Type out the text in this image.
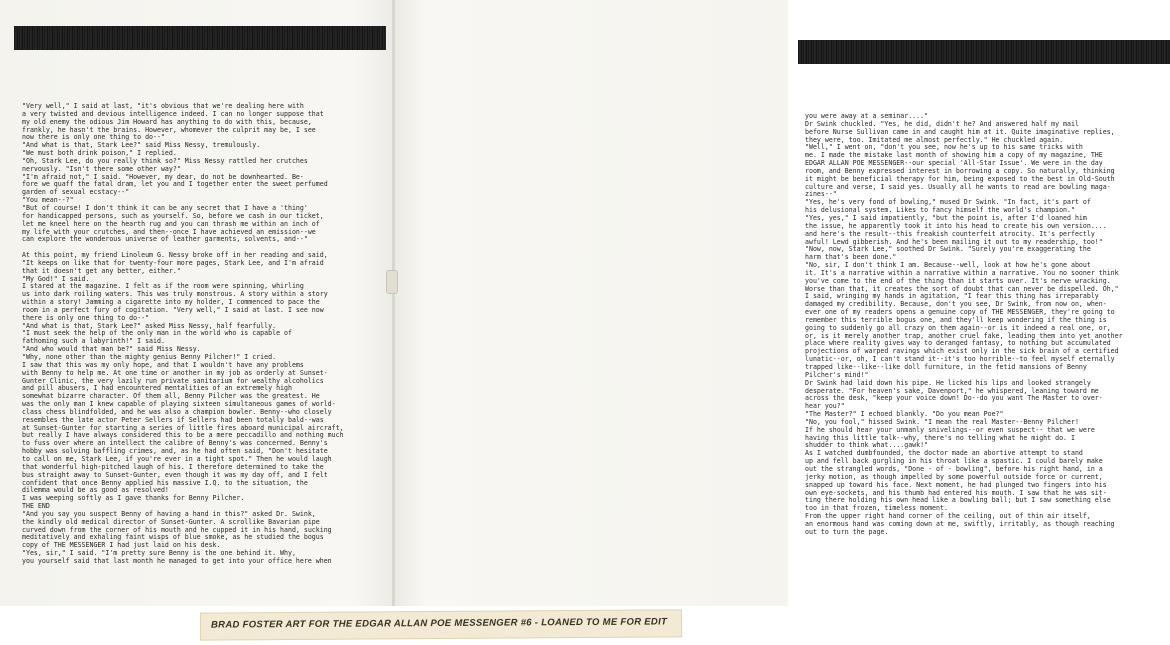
"Very well," I said at last, "it's obvious that we're dealing here with

a very twisted and devious intelligence indeed. I can no longer suppose that

my old enemy the odious Jim Howard has anything to do with this, because,

frankly, he hasn't the brains. However, whomever the culprit may be, I see

now there is only one thing to do--"

"And what is that, Stark Lee?" said Miss Nessy, tremulously.

"We must both drink poison," I replied.

"Oh, Stark Lee, do you really think so?" Miss Nessy rattled her crutches

nervously. "Isn't there some other way?"

"I'm afraid not," I said. "However, my dear, do not be downhearted. Be-

fore we quaff the fatal dram, let you and I together enter the sweet perfumed

garden of sexual ecstacy--"

"You mean--?"

"But of course! I don't think it can be any secret that I have a 'thing'

for handicapped persons, such as yourself. So, before we cash in our ticket,

let me kneel here on the hearth rug and you can thrash me within an inch of

my life with your crutches, and then--once I have achieved an emission--we

can explore the wonderous universe of leather garments, solvents, and--"

At this point, my friend Linoleum G. Nessy broke off in her reading and said,

"It keeps on like that for twenty-four more pages, Stark Lee, and I'm afraid

that it doesn't get any better, either."

"My God!" I said.

I stared at the magazine. I felt as if the room were spinning, whirling

us into dark roiling waters. This was truly monstrous. A story within a story

within a story! Jamming a cigarette into my holder, I commenced to pace the

room in a perfect fury of cogitation. "Very well," I said at last. I see now

there is only one thing to do--"

"And what is that, Stark Lee?" asked Miss Nessy, half fearfully.

"I must seek the help of the only man in the world who is capable of

fathoming such a labyrinth!" I said.

"And who would that man be?" said Miss Nessy.

"Why, none other than the mighty genius Benny Pilcher!" I cried.

I saw that this was my only hope, and that I wouldn't have any problems

with Benny to help me. At one time or another in my job as orderly at Sunset-

Gunter Clinic, the very lazily run private sanitarium for wealthy alcoholics

and pill abusers, I had encountered mentalities of an extremely high

somewhat bizarre character. Of them all, Benny Pilcher was the greatest. He

was the only man I knew capable of playing sixteen simultaneous games of world-

class chess blindfolded, and he was also a champion bowler. Benny--who closely

resembles the late actor Peter Sellers if Sellers had been totally bald--was

at Sunset-Gunter for starting a series of little fires aboard municipal aircraft,

but really I have always considered this to be a mere peccadillo and nothing much

to fuss over where an intellect the calibre of Benny's was concerned. Benny's

hobby was solving baffling crimes, and, as he had often said, "Don't hesitate

to call on me, Stark Lee, if you're ever in a tight spot." Then he would laugh

that wonderful high-pitched laugh of his. I therefore determined to take the

bus straight away to Sunset-Gunter, even though it was my day off, and I felt

confident that once Benny applied his massive I.Q. to the situation, the

dilemma would be as good as resolved!

I was weeping softly as I gave thanks for Benny Pilcher.

THE END

"And you say you suspect Benny of having a hand in this?" asked Dr. Swink,

the kindly old medical director of Sunset-Gunter. A scrollike Bavarian pipe

curved down from the corner of his mouth and he cupped it in his hand, sucking

meditatively and exhaling faint wisps of blue smoke, as he studied the bogus

copy of THE MESSENGER I had just laid on his desk.

"Yes, sir," I said. "I'm pretty sure Benny is the one behind it. Why,

you yourself said that last month he managed to get into your office here when

you were away at a seminar...."

Dr Swink chuckled. "Yes, he did, didn't he? And answered half my mail

before Nurse Sullivan came in and caught him at it. Quite imaginative replies,

they were, too. Imitated me almost perfectly." He chuckled again.

"Well," I went on, "don't you see, now he's up to his same tricks with

me. I made the mistake last month of showing him a copy of my magazine, THE

EDGAR ALLAN POE MESSENGER--our special 'All-Star Issue'. We were in the day

room, and Benny expressed interest in borrowing a copy. So naturally, thinking

it might be beneficial therapy for him, being exposed to the best in Old-South

culture and verse, I said yes. Usually all he wants to read are bowling maga-

zines--"

"Yes, he's very fond of bowling," mused Dr Swink. "In fact, it's part of

his delusional system. Likes to fancy himself the world's champion."

"Yes, yes," I said impatiently, "but the point is, after I'd loaned him

the issue, he apparently took it into his head to create his own version....

and here's the result--this freakish counterfeit atrocity. It's perfectly

awful! Lewd gibberish. And he's been mailing it out to my readership, too!"

"Now, now, Stark Lee," soothed Dr Swink. "Surely you're exaggerating the

harm that's been done."

"No, sir, I don't think I am. Because--well, look at how he's gone about

it. It's a narrative within a narrative within a narrative. You no sooner think

you've come to the end of the thing than it starts over. It's nerve wracking.

Worse than that, it creates the sort of doubt that can never be dispelled. Oh,"

I said, wringing my hands in agitation, "I fear this thing has irreparably

damaged my credibility. Because, don't you see, Dr Swink, from now on, when-

ever one of my readers opens a genuine copy of THE MESSENGER, they're going to

remember this terrible bogus one, and they'll keep wondering if the thing is

going to suddenly go all crazy on them again--or is it indeed a real one, or,

or, is it merely another trap, another cruel fake, leading them into yet another

place where reality gives way to deranged fantasy, to nothing but accumulated

projections of warped ravings which exist only in the sick brain of a certified

lunatic--or, oh, I can't stand it--it's too horrible--to feel myself eternally

trapped like--like--like doll furniture, in the fetid mansions of Benny

Pilcher's mind!"

Dr Swink had laid down his pipe. He licked his lips and looked strangely

desperate. "For heaven's sake, Davenport," he whispered, leaning toward me

across the desk, "keep your voice down! Do--do you want The Master to over-

hear you?"

"The Master?" I echoed blankly. "Do you mean Poe?"

"No, you fool," hissed Swink. "I mean the real Master--Benny Pilcher!

If he should hear your unmanly snivelings--or even suspect-- that we were

having this little talk--why, there's no telling what he might do. I

shudder to think what....gawk!"

As I watched dumbfounded, the doctor made an abortive attempt to stand

up and fell back gurgling in his throat like a spastic. I could barely make

out the strangled words, "Done - of - bowling", before his right hand, in a

jerky motion, as though impelled by some powerful outside force or current,

snapped up toward his face. Next moment, he had plunged two fingers into his

own eye-sockets, and his thumb had entered his mouth. I saw that he was sit-

ting there holding his own head like a bowling ball; but I saw something else

too in that frozen, timeless moment.

From the upper right hand corner of the ceiling, out of thin air itself,

an enormous hand was coming down at me, swiftly, irritably, as though reaching

out to turn the page.

BRAD FOSTER ART FOR THE EDGAR ALLAN POE MESSENGER #6 - LOANED TO ME FOR EDIT
